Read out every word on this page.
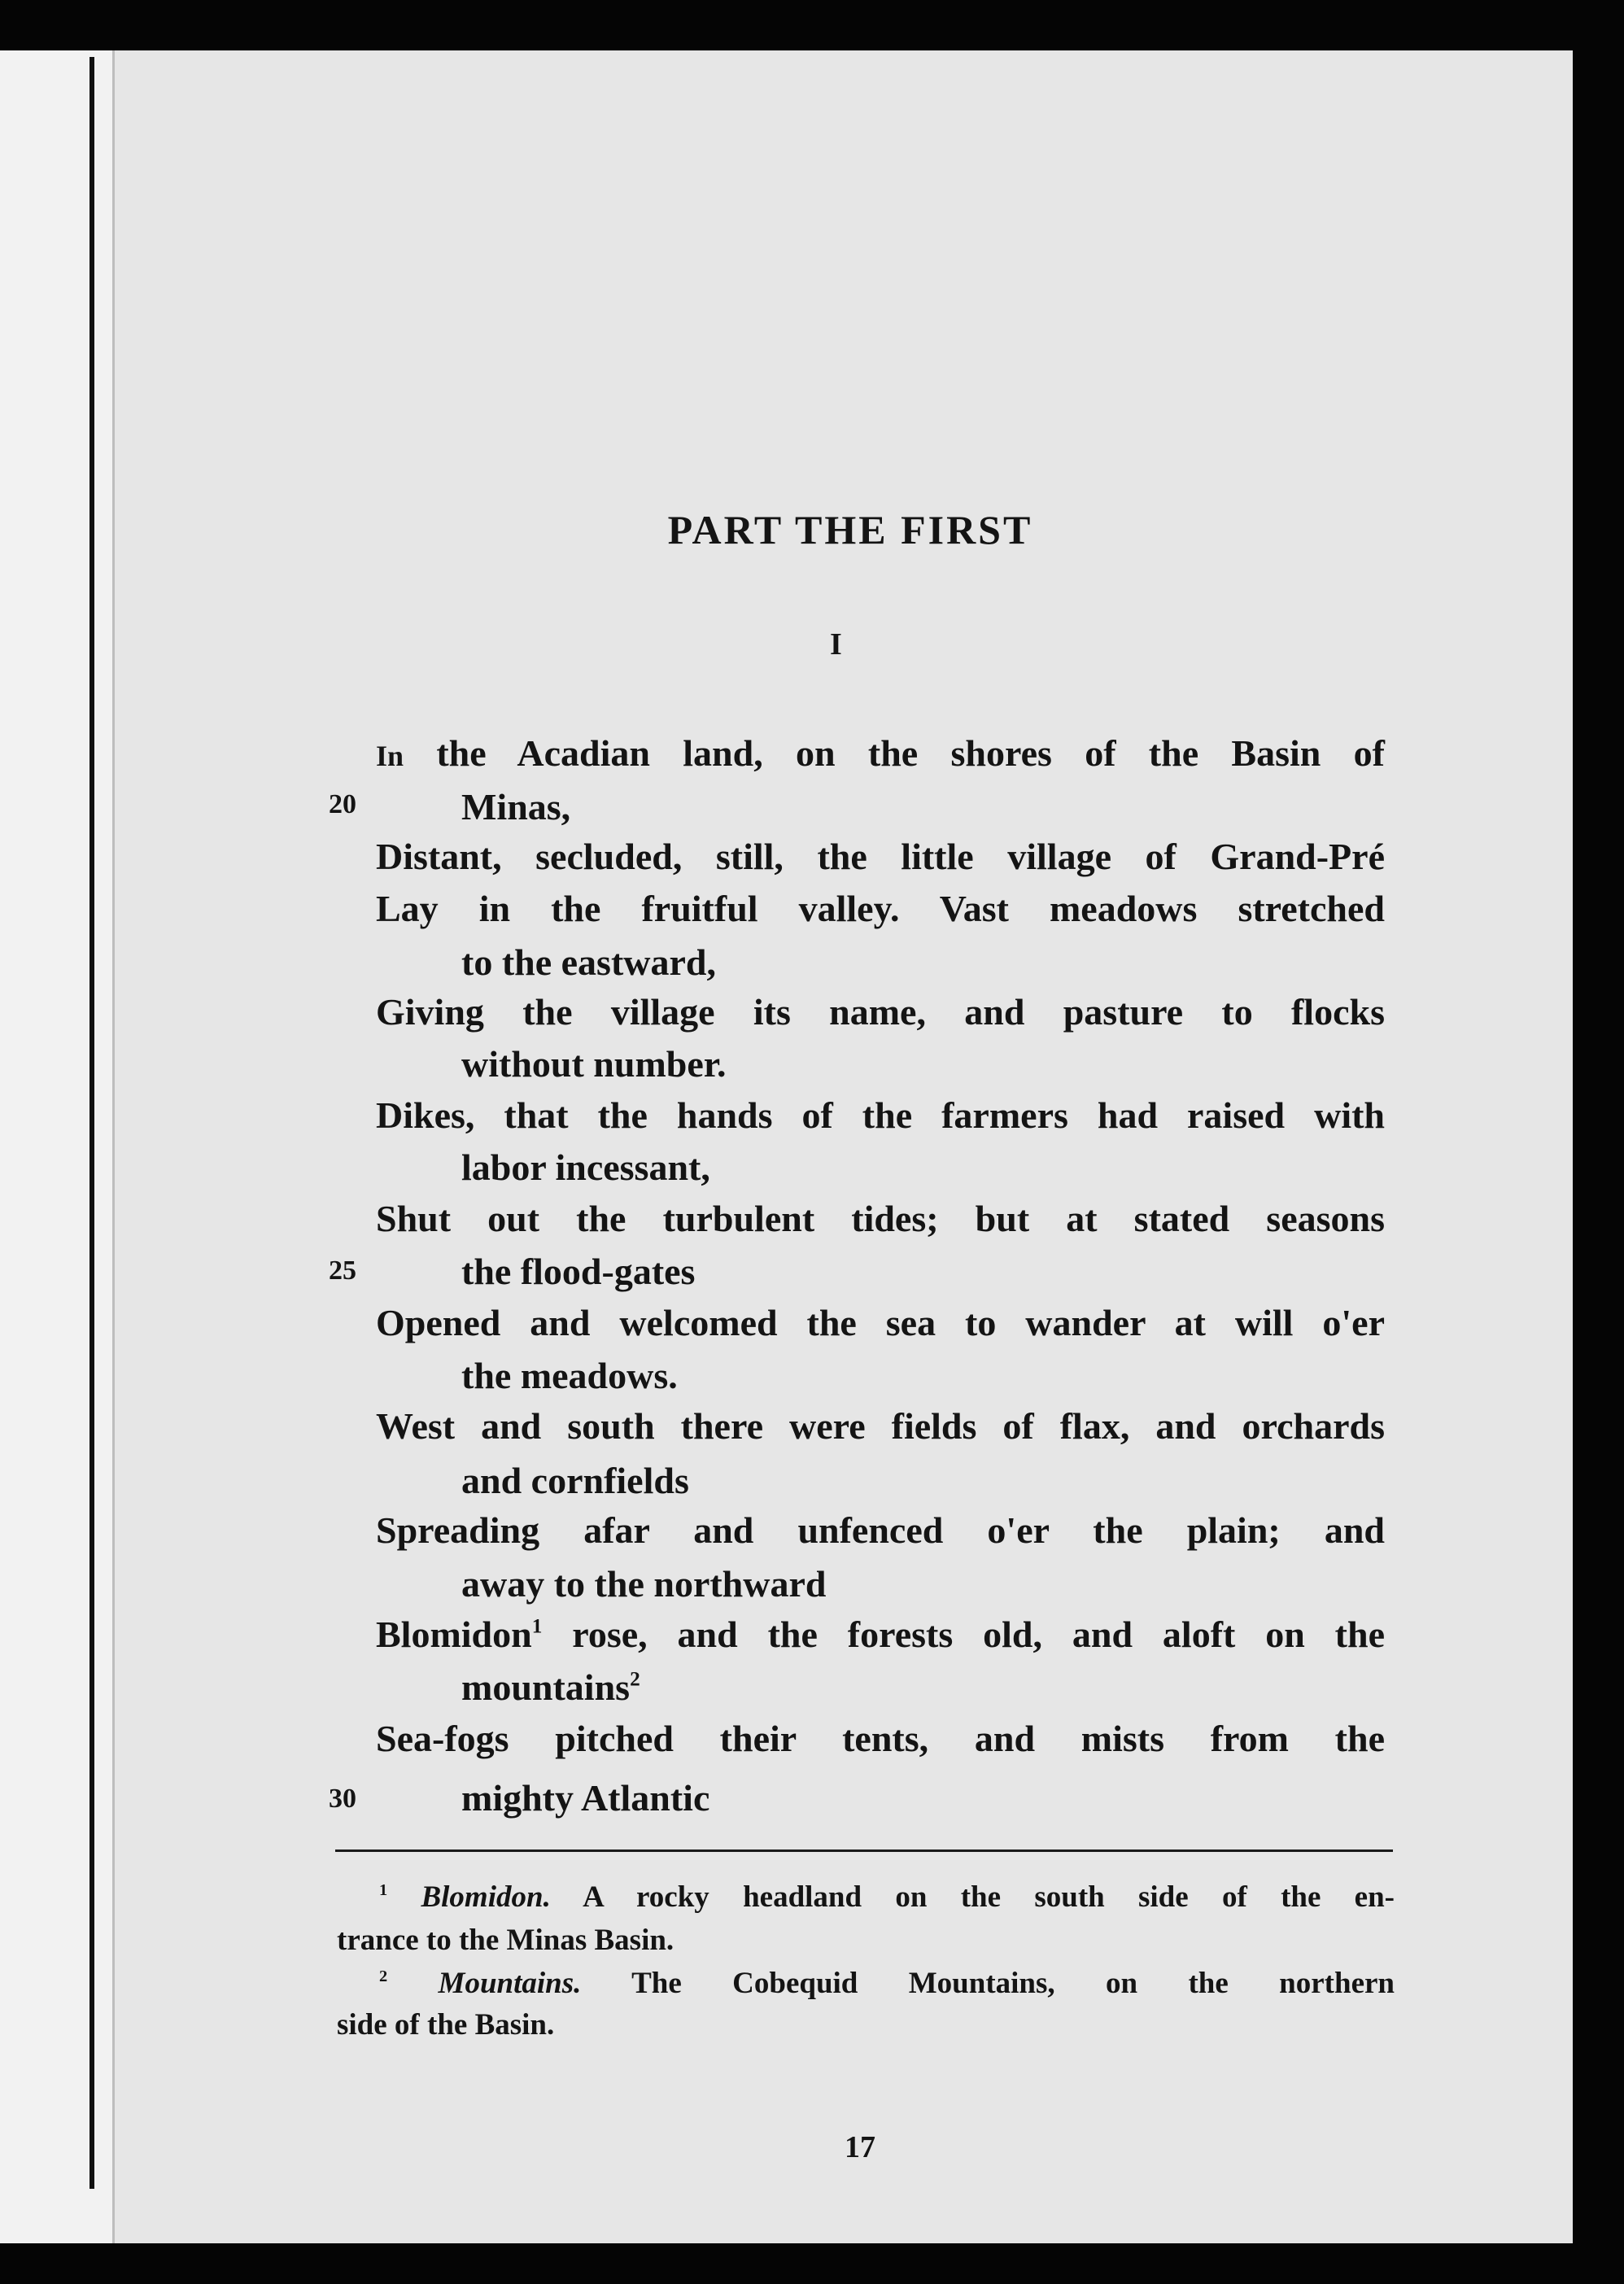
PART THE FIRST
I
In the Acadian land, on the shores of the Basin of
20	Minas,
Distant, secluded, still, the little village of Grand-Pré
Lay in the fruitful valley. Vast meadows stretched
to the eastward,
Giving the village its name, and pasture to flocks
without number.
Dikes, that the hands of the farmers had raised with
labor incessant,
Shut out the turbulent tides; but at stated seasons
25	the flood-gates
Opened and welcomed the sea to wander at will o'er
the meadows.
West and south there were fields of flax, and orchards
and cornfields
Spreading afar and unfenced o'er the plain; and
away to the northward
Blomidon$^1$ rose, and the forests old, and aloft on the
mountains$^2$
Sea-fogs pitched their tents, and mists from the
30	mighty Atlantic
$^1$ Blomidon. A rocky headland on the south side of the en-
trance to the Minas Basin.
$^2$ Mountains. The Cobequid Mountains, on the northern
side of the Basin.
17
